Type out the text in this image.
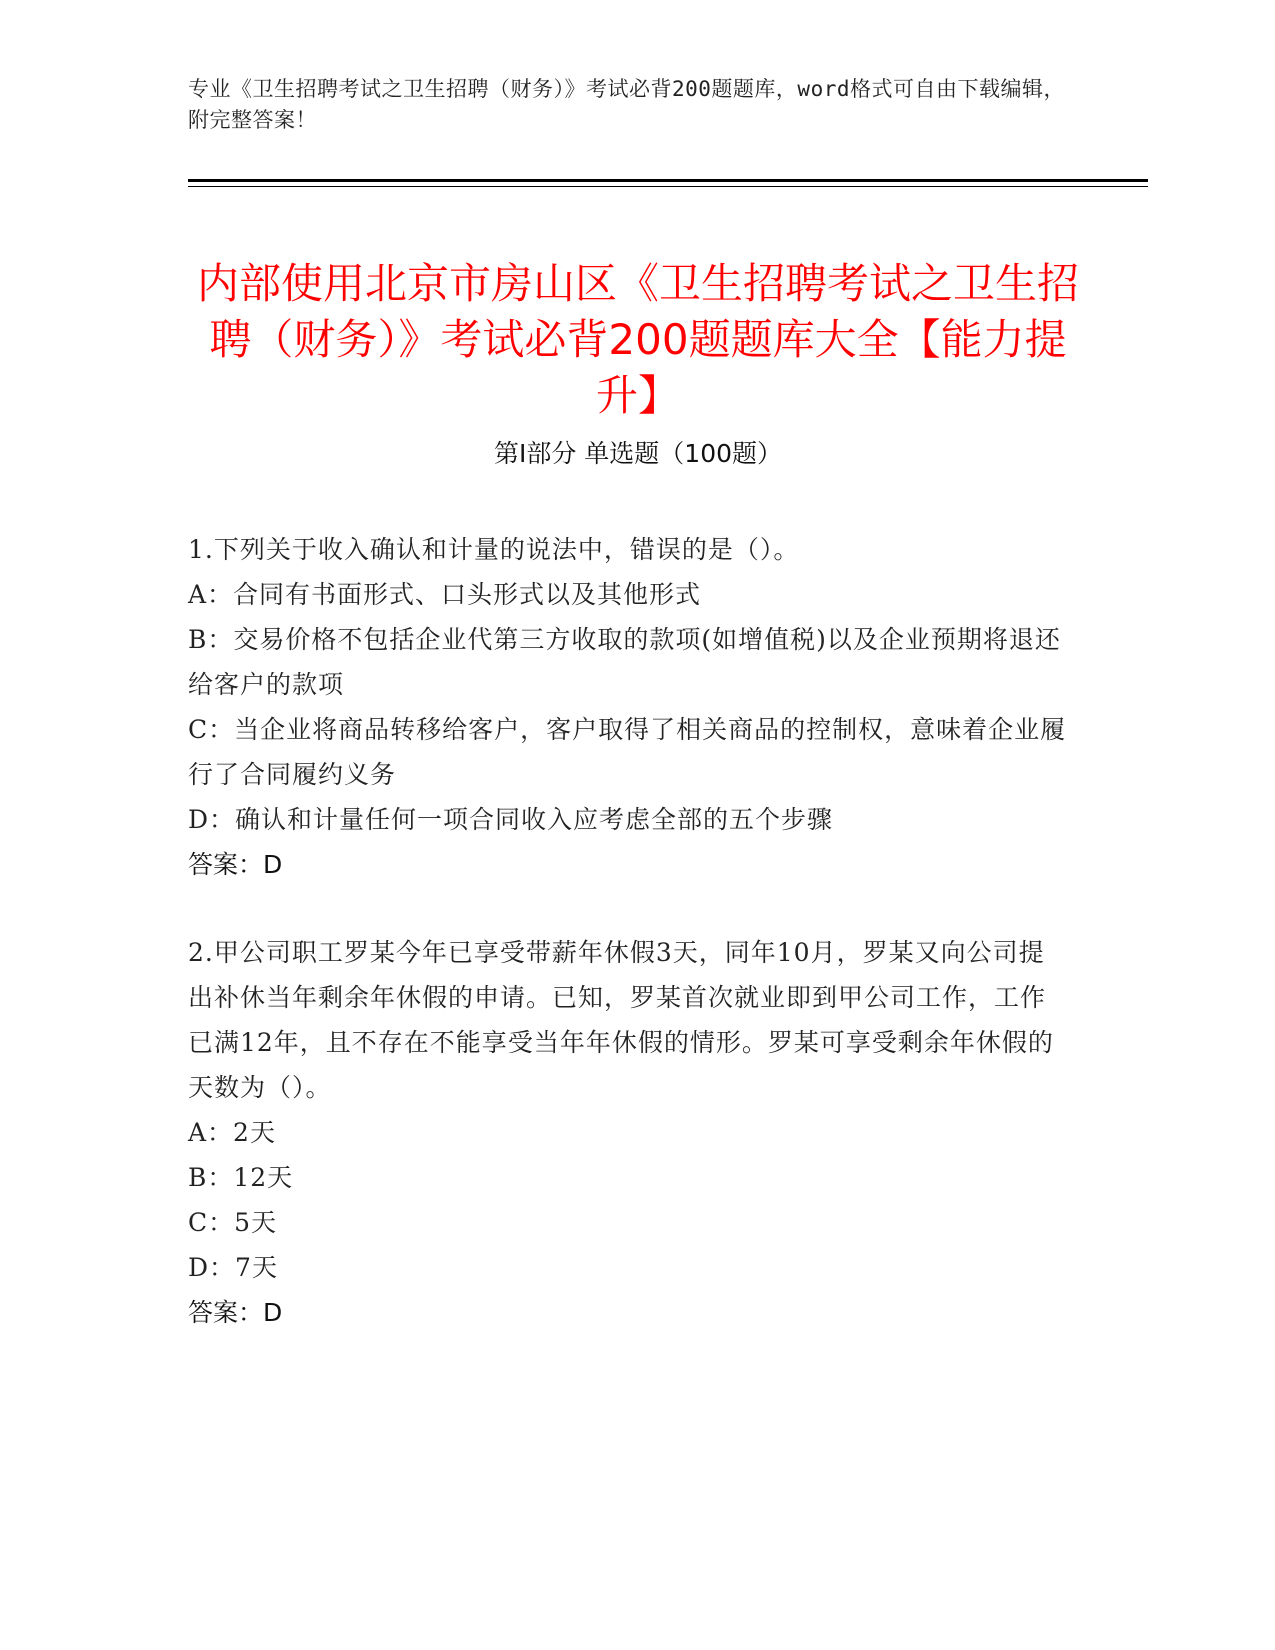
专业《卫生招聘考试之卫生招聘（财务）》考试必背200题题库，word格式可自由下载编辑，附完整答案！
内部使用北京市房山区《卫生招聘考试之卫生招聘（财务）》考试必背200题题库大全【能力提升】
第I部分 单选题（100题）
1.下列关于收入确认和计量的说法中，错误的是（）。
A：合同有书面形式、口头形式以及其他形式
B：交易价格不包括企业代第三方收取的款项(如增值税)以及企业预期将退还给客户的款项
C：当企业将商品转移给客户，客户取得了相关商品的控制权，意味着企业履行了合同履约义务
D：确认和计量任何一项合同收入应考虑全部的五个步骤
答案：D
2.甲公司职工罗某今年已享受带薪年休假3天，同年10月，罗某又向公司提出补休当年剩余年休假的申请。已知，罗某首次就业即到甲公司工作，工作已满12年，且不存在不能享受当年年休假的情形。罗某可享受剩余年休假的天数为（）。
A：2天
B：12天
C：5天
D：7天
答案：D
